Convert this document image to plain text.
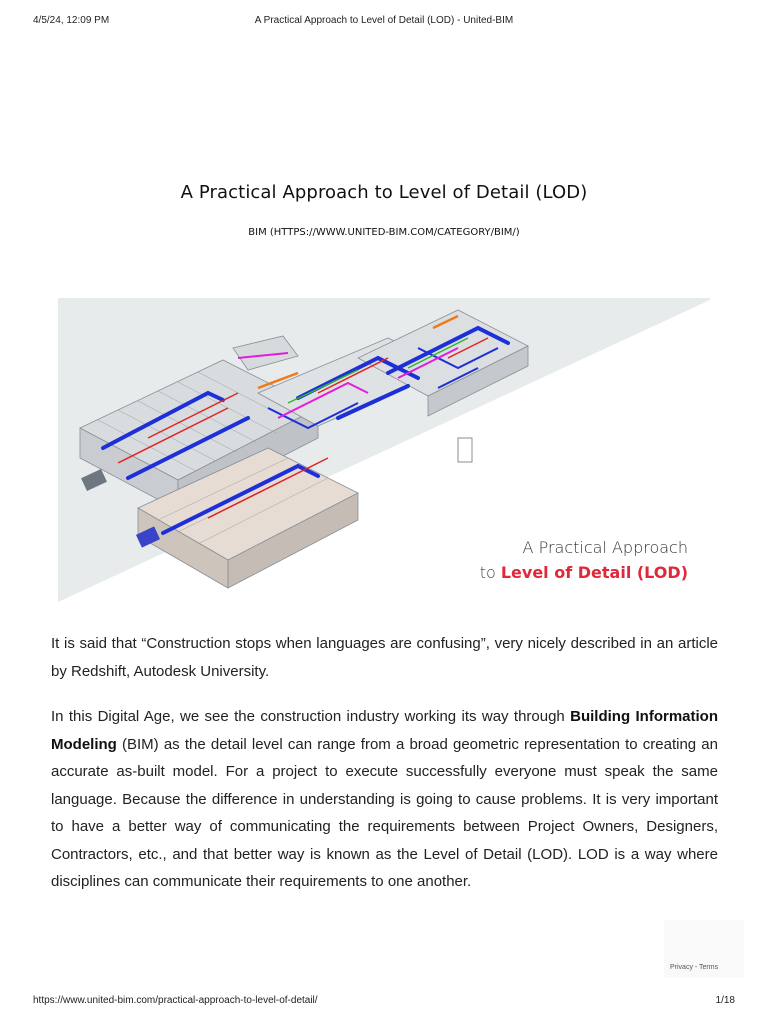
4/5/24, 12:09 PM	A Practical Approach to Level of Detail (LOD) - United-BIM
A Practical Approach to Level of Detail (LOD)
BIM (HTTPS://WWW.UNITED-BIM.COM/CATEGORY/BIM/)
A Practical Approach
to Level of Detail (LOD)

It is said that “Construction stops when languages are confusing”, very nicely described in an article by Redshift, Autodesk University.

In this Digital Age, we see the construction industry working its way through Building Information Modeling (BIM) as the detail level can range from a broad geometric representation to creating an accurate as-built model. For a project to execute successfully everyone must speak the same language. Because the difference in understanding is going to cause problems. It is very important to have a better way of communicating the requirements between Project Owners, Designers, Contractors, etc., and that better way is known as the Level of Detail (LOD). LOD is a way where disciplines can communicate their requirements to one another.

Privacy - Terms
https://www.united-bim.com/practical-approach-to-level-of-detail/	1/18
